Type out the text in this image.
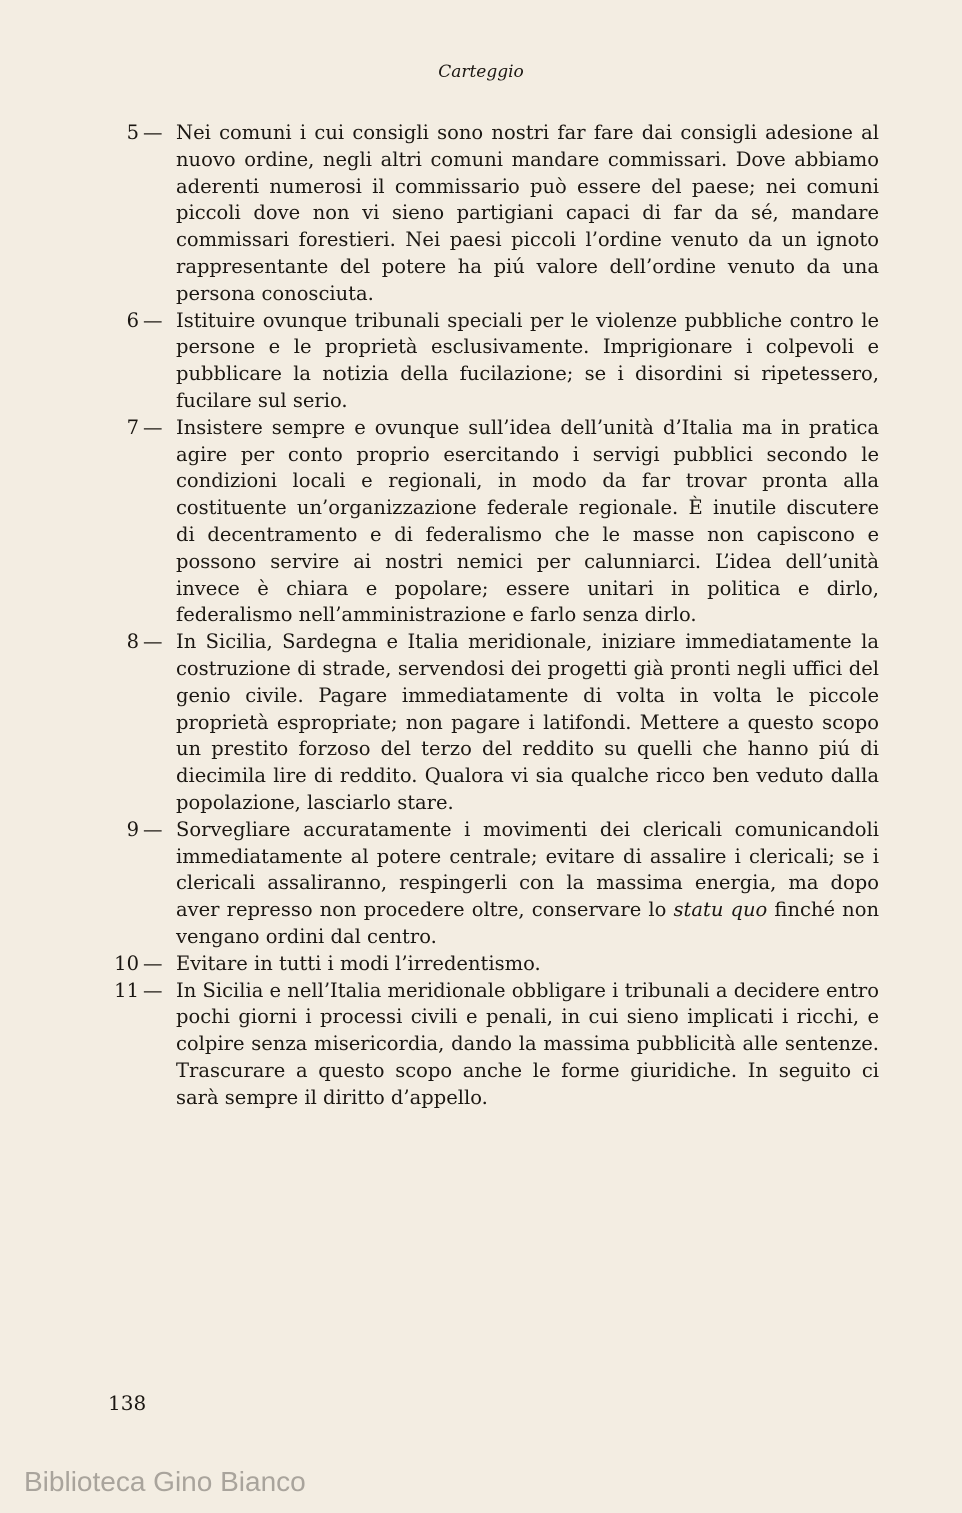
Carteggio
5 — Nei comuni i cui consigli sono nostri far fare dai consigli adesione al nuovo ordine, negli altri comuni mandare commissari. Dove abbiamo aderenti numerosi il commissario può essere del paese; nei comuni piccoli dove non vi sieno partigiani capaci di far da sé, mandare commissari forestieri. Nei paesi piccoli l’ordine venuto da un ignoto rappresentante del potere ha piú valore dell’ordine venuto da una persona conosciuta.
6 — Istituire ovunque tribunali speciali per le violenze pubbliche contro le persone e le proprietà esclusivamente. Imprigionare i colpevoli e pubblicare la notizia della fucilazione; se i disordini si ripetessero, fucilare sul serio.
7 — Insistere sempre e ovunque sull’idea dell’unità d’Italia ma in pratica agire per conto proprio esercitando i servigi pubblici secondo le condizioni locali e regionali, in modo da far trovar pronta alla costituente un’organizzazione federale regionale. È inutile discutere di decentramento e di federalismo che le masse non capiscono e possono servire ai nostri nemici per calunniarci. L’idea dell’unità invece è chiara e popolare; essere unitari in politica e dirlo, federalismo nell’amministrazione e farlo senza dirlo.
8 — In Sicilia, Sardegna e Italia meridionale, iniziare immediatamente la costruzione di strade, servendosi dei progetti già pronti negli uffici del genio civile. Pagare immediatamente di volta in volta le piccole proprietà espropriate; non pagare i latifondi. Mettere a questo scopo un prestito forzoso del terzo del reddito su quelli che hanno piú di diecimila lire di reddito. Qualora vi sia qualche ricco ben veduto dalla popolazione, lasciarlo stare.
9 — Sorvegliare accuratamente i movimenti dei clericali comunicandoli immediatamente al potere centrale; evitare di assalire i clericali; se i clericali assaliranno, respingerli con la massima energia, ma dopo aver represso non procedere oltre, conservare lo statu quo finché non vengano ordini dal centro.
10 — Evitare in tutti i modi l’irredentismo.
11 — In Sicilia e nell’Italia meridionale obbligare i tribunali a decidere entro pochi giorni i processi civili e penali, in cui sieno implicati i ricchi, e colpire senza misericordia, dando la massima pubblicità alle sentenze. Trascurare a questo scopo anche le forme giuridiche. In seguito ci sarà sempre il diritto d’appello.
138
Biblioteca Gino Bianco
